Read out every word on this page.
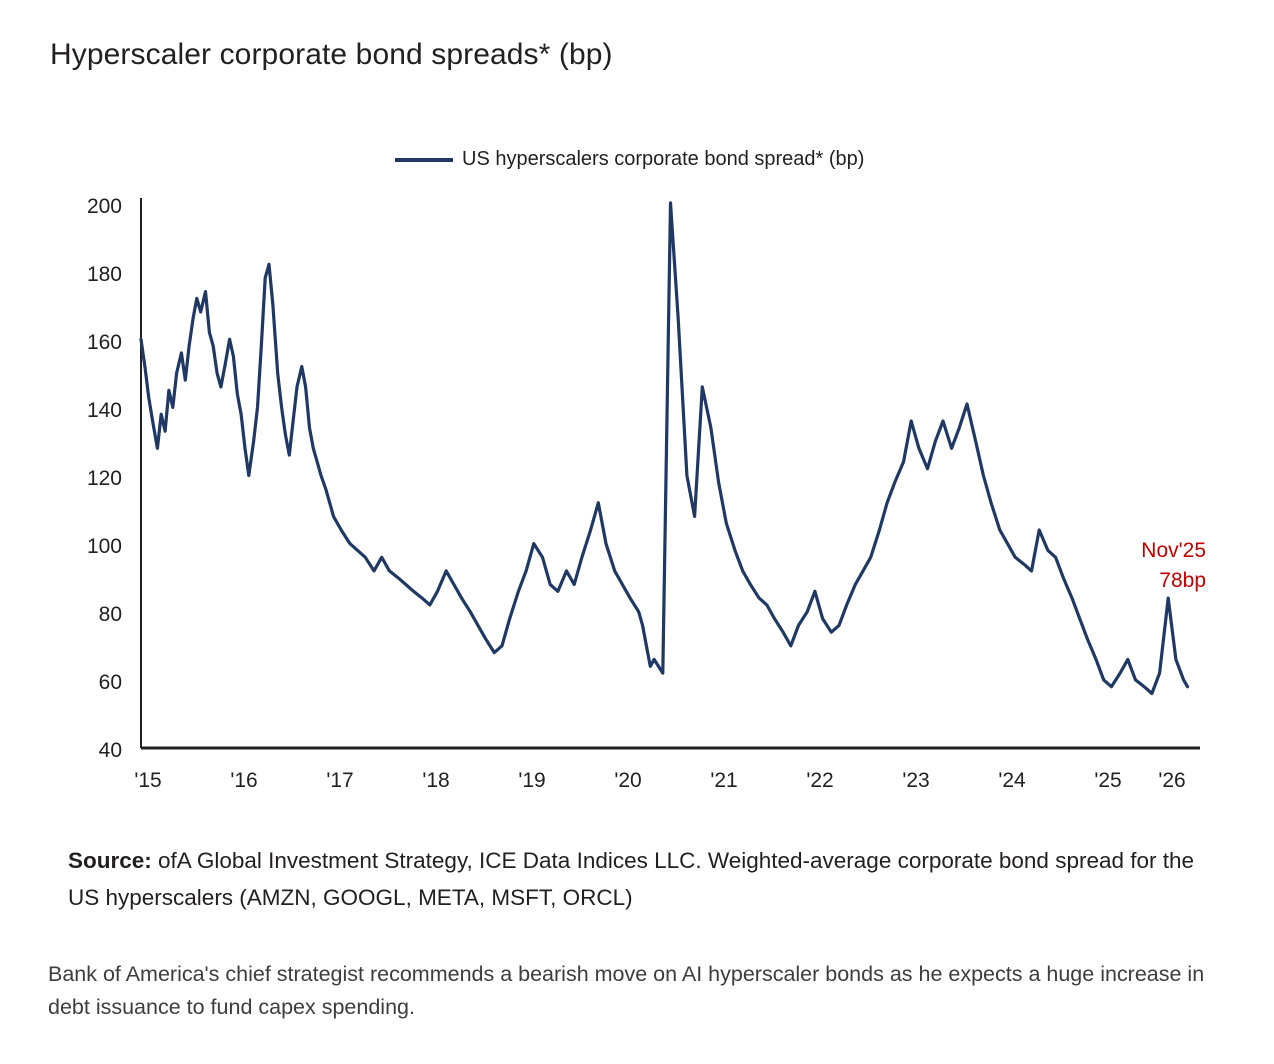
Hyperscaler corporate bond spreads* (bp)
US hyperscalers corporate bond spread* (bp)
200
180
160
140
120
100
80
60
40
'15	'16	'17	'18	'19	'20	'21	'22	'23	'24	'25 '26
Nov'25
78bp
Source: ofA Global Investment Strategy, ICE Data Indices LLC. Weighted-average corporate bond spread for the US hyperscalers (AMZN, GOOGL, META, MSFT, ORCL)
Bank of America's chief strategist recommends a bearish move on AI hyperscaler bonds as he expects a huge increase in debt issuance to fund capex spending.
